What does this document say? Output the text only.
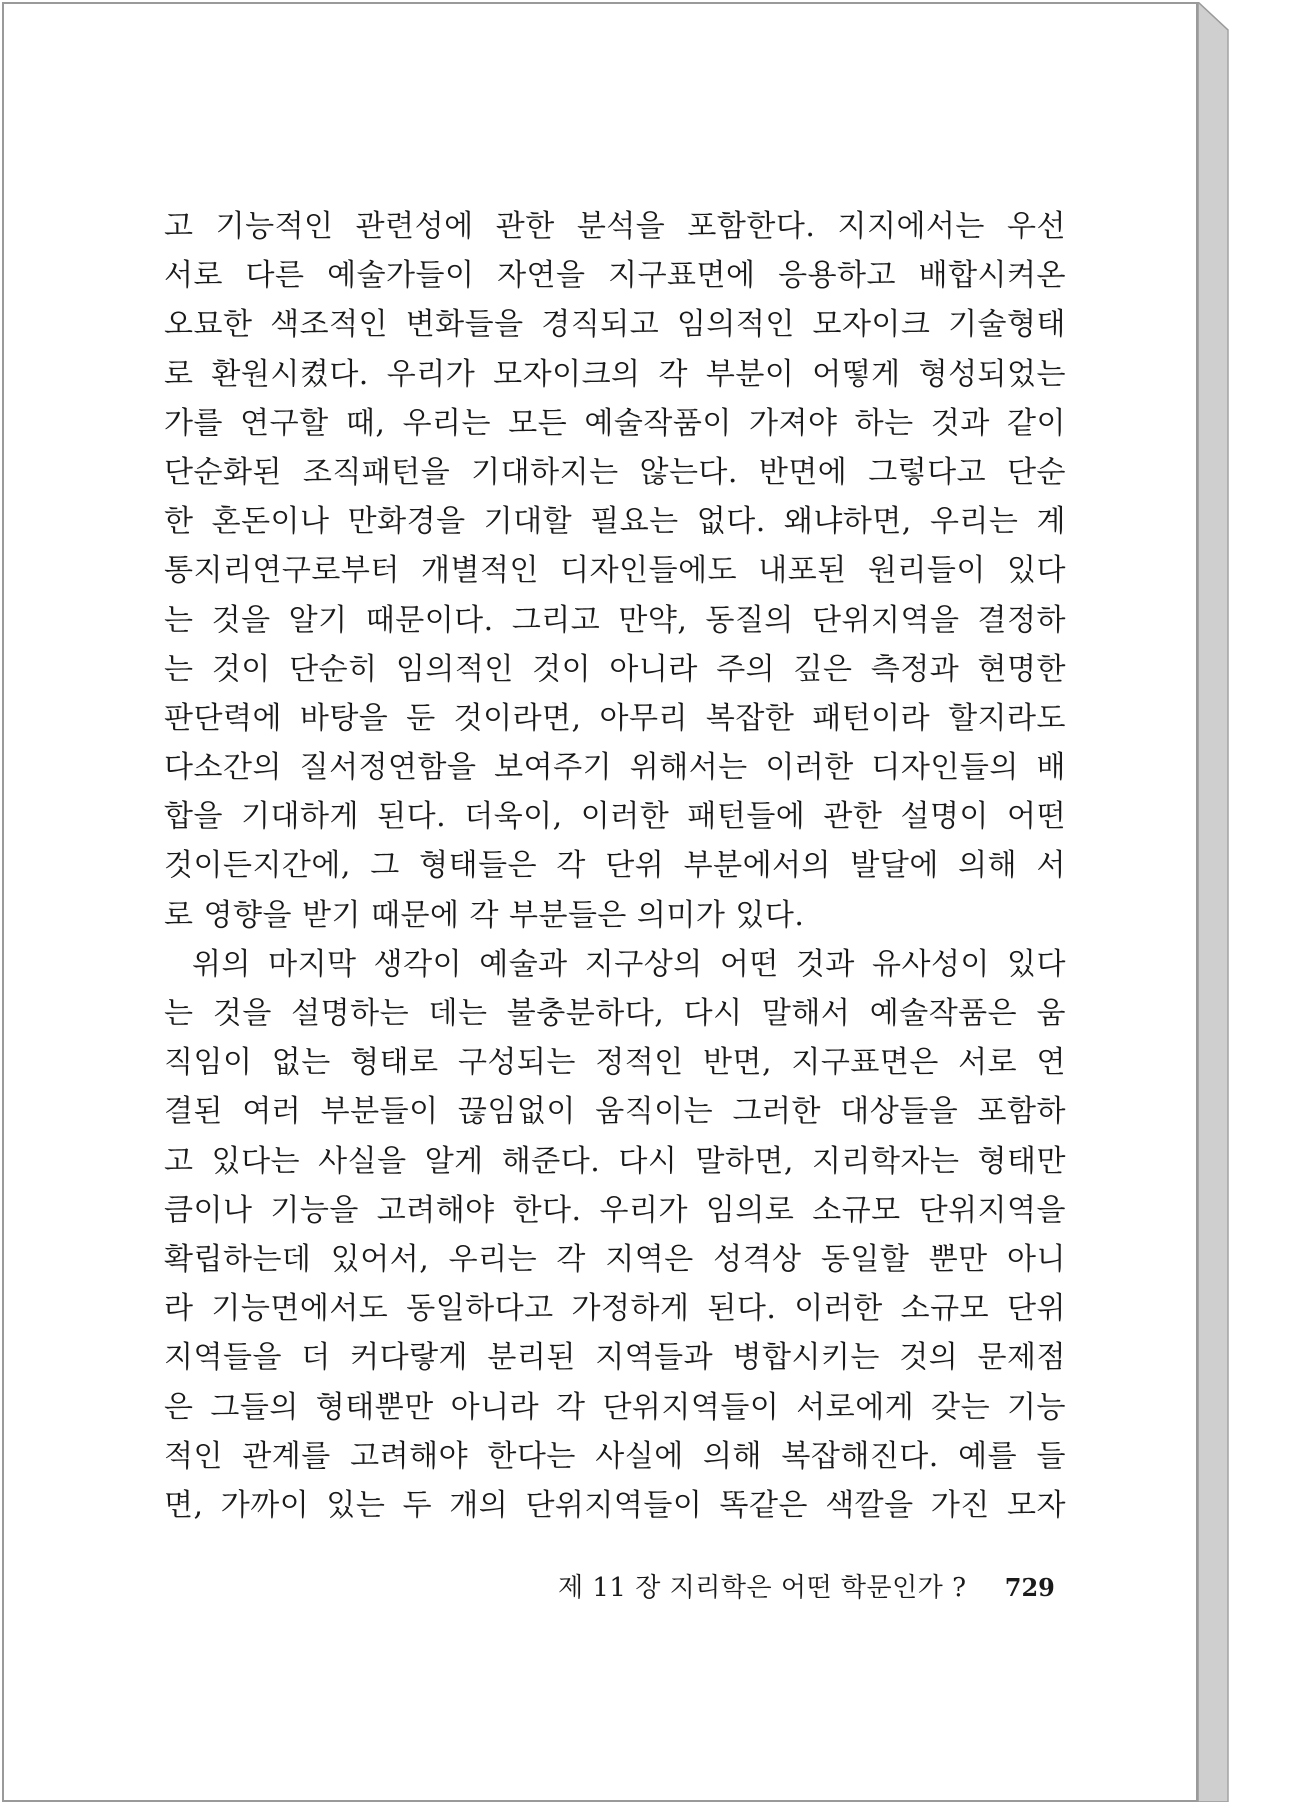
고 기능적인 관련성에 관한 분석을 포함한다. 지지에서는 우선
서로 다른 예술가들이 자연을 지구표면에 응용하고 배합시켜온
오묘한 색조적인 변화들을 경직되고 임의적인 모자이크 기술형태
로 환원시켰다. 우리가 모자이크의 각 부분이 어떻게 형성되었는
가를 연구할 때, 우리는 모든 예술작품이 가져야 하는 것과 같이
단순화된 조직패턴을 기대하지는 않는다. 반면에 그렇다고 단순
한 혼돈이나 만화경을 기대할 필요는 없다. 왜냐하면, 우리는 계
통지리연구로부터 개별적인 디자인들에도 내포된 원리들이 있다
는 것을 알기 때문이다. 그리고 만약, 동질의 단위지역을 결정하
는 것이 단순히 임의적인 것이 아니라 주의 깊은 측정과 현명한
판단력에 바탕을 둔 것이라면, 아무리 복잡한 패턴이라 할지라도
다소간의 질서정연함을 보여주기 위해서는 이러한 디자인들의 배
합을 기대하게 된다. 더욱이, 이러한 패턴들에 관한 설명이 어떤
것이든지간에, 그 형태들은 각 단위 부분에서의 발달에 의해 서
로 영향을 받기 때문에 각 부분들은 의미가 있다.
위의 마지막 생각이 예술과 지구상의 어떤 것과 유사성이 있다
는 것을 설명하는 데는 불충분하다, 다시 말해서 예술작품은 움
직임이 없는 형태로 구성되는 정적인 반면, 지구표면은 서로 연
결된 여러 부분들이 끊임없이 움직이는 그러한 대상들을 포함하
고 있다는 사실을 알게 해준다. 다시 말하면, 지리학자는 형태만
큼이나 기능을 고려해야 한다. 우리가 임의로 소규모 단위지역을
확립하는데 있어서, 우리는 각 지역은 성격상 동일할 뿐만 아니
라 기능면에서도 동일하다고 가정하게 된다. 이러한 소규모 단위
지역들을 더 커다랗게 분리된 지역들과 병합시키는 것의 문제점
은 그들의 형태뿐만 아니라 각 단위지역들이 서로에게 갖는 기능
적인 관계를 고려해야 한다는 사실에 의해 복잡해진다. 예를 들
면, 가까이 있는 두 개의 단위지역들이 똑같은 색깔을 가진 모자
제 11 장 지리학은 어떤 학문인가 ? 729
